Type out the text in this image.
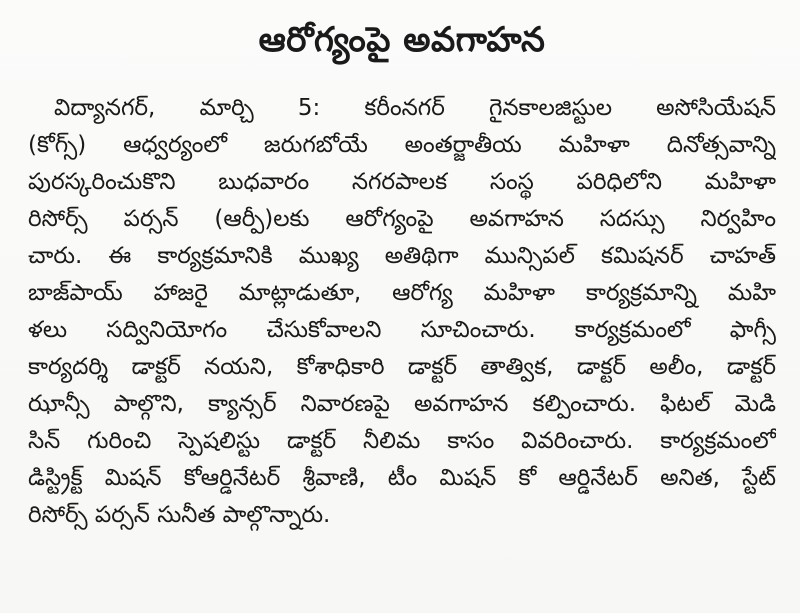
ఆరోగ్యంపై అవగాహన
విద్యానగర్, మార్చి 5: కరీంనగర్ గైనకాలజిస్టుల అసోసియేషన్
(కోగ్స్) ఆధ్వర్యంలో జరుగబోయే అంతర్జాతీయ మహిళా దినోత్సవాన్ని
పురస్కరించుకొని బుధవారం నగరపాలక సంస్థ పరిధిలోని మహిళా
రిసోర్స్ పర్సన్ (ఆర్పీ)లకు ఆరోగ్యంపై అవగాహన సదస్సు నిర్వహిం
చారు. ఈ కార్యక్రమానికి ముఖ్య అతిథిగా మున్సిపల్ కమిషనర్ చాహత్
బాజ్‌పాయ్ హాజరై మాట్లాడుతూ, ఆరోగ్య మహిళా కార్యక్రమాన్ని మహి
ళలు సద్వినియోగం చేసుకోవాలని సూచించారు. కార్యక్రమంలో ఫాగ్సీ
కార్యదర్శి డాక్టర్ నయని, కోశాధికారి డాక్టర్ తాత్విక, డాక్టర్ అలీం, డాక్టర్
ఝాన్సీ పాల్గొని, క్యాన్సర్ నివారణపై అవగాహన కల్పించారు. ఫిటల్ మెడి
సిన్ గురించి స్పెషలిస్టు డాక్టర్ నీలిమ కాసం వివరించారు. కార్యక్రమంలో
డిస్ట్రిక్ట్ మిషన్ కోఆర్డినేటర్ శ్రీవాణి, టీం మిషన్ కో ఆర్డినేటర్ అనిత, స్టేట్
రిసోర్స్ పర్సన్ సునీత పాల్గొన్నారు.
